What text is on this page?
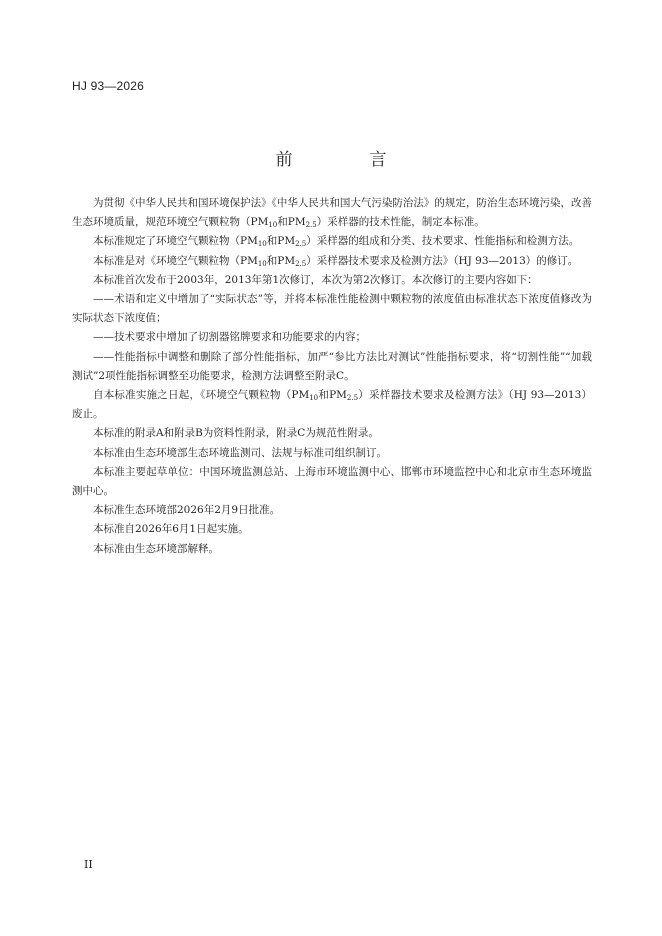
HJ 93—2026
前　言

为贯彻《中华人民共和国环境保护法》《中华人民共和国大气污染防治法》的规定，防治生态环境污染，改善生态环境质量，规范环境空气颗粒物（$PM_{10}$和$PM_{2.5}$）采样器的技术性能，制定本标准。

本标准规定了环境空气颗粒物（$PM_{10}$和$PM_{2.5}$）采样器的组成和分类、技术要求、性能指标和检测方法。

本标准是对《环境空气颗粒物（$PM_{10}$和$PM_{2.5}$）采样器技术要求及检测方法》（HJ 93—2013）的修订。

本标准首次发布于2003年，2013年第1次修订，本次为第2次修订。本次修订的主要内容如下：

——术语和定义中增加了“实际状态”等，并将本标准性能检测中颗粒物的浓度值由标准状态下浓度值修改为实际状态下浓度值；

——技术要求中增加了切割器铭牌要求和功能要求的内容；

——性能指标中调整和删除了部分性能指标，加严“参比方法比对测试”性能指标要求，将“切割性能”“加载测试”2项性能指标调整至功能要求，检测方法调整至附录C。

自本标准实施之日起，《环境空气颗粒物（$PM_{10}$和$PM_{2.5}$）采样器技术要求及检测方法》（HJ 93—2013）废止。

本标准的附录A和附录B为资料性附录，附录C为规范性附录。

本标准由生态环境部生态环境监测司、法规与标准司组织制订。

本标准主要起草单位：中国环境监测总站、上海市环境监测中心、邯郸市环境监控中心和北京市生态环境监测中心。

本标准生态环境部2026年2月9日批准。

本标准自2026年6月1日起实施。

本标准由生态环境部解释。

II
